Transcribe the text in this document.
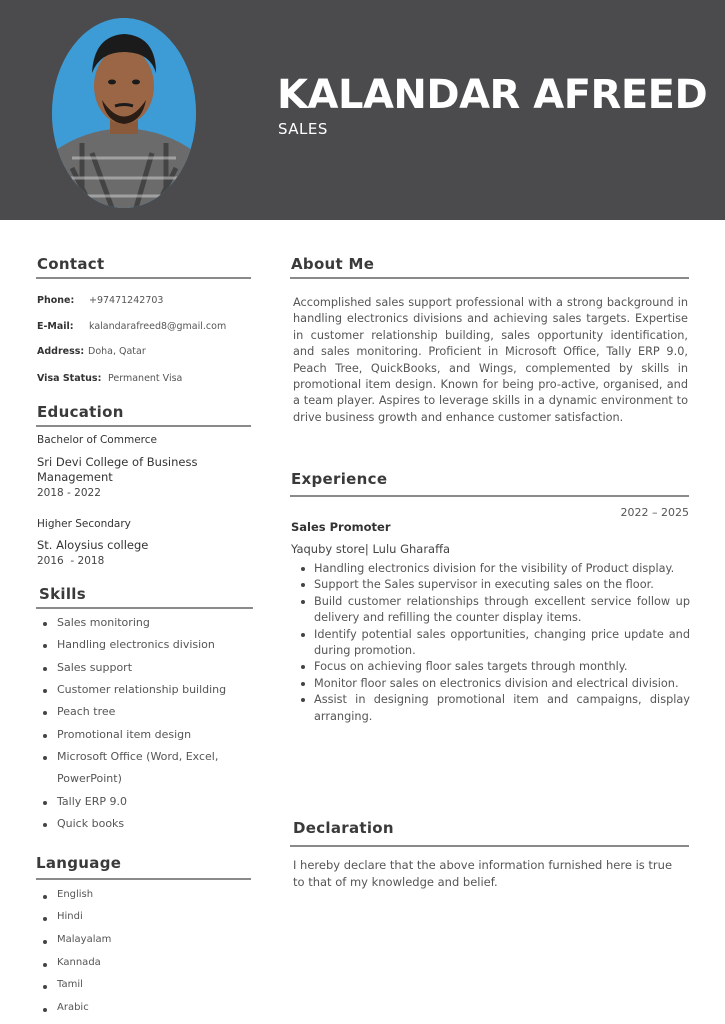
KALANDAR AFREED
SALES
Contact
Phone: +97471242703
E-Mail: kalandarafreed8@gmail.com
Address: Doha, Qatar
Visa Status: Permanent Visa
Education
Bachelor of Commerce
Sri Devi College of Business Management
2018 - 2022
Higher Secondary
St. Aloysius college
2016  - 2018
Skills
Sales monitoring
Handling electronics division
Sales support
Customer relationship building
Peach tree
Promotional item design
Microsoft Office (Word, Excel,
PowerPoint)
Tally ERP 9.0
Quick books
Language
English
Hindi
Malayalam
Kannada
Tamil
Arabic
About Me
Accomplished sales support professional with a strong background in handling electronics divisions and achieving sales targets. Expertise in customer relationship building, sales opportunity identification, and sales monitoring. Proficient in Microsoft Office, Tally ERP 9.0, Peach Tree, QuickBooks, and Wings, complemented by skills in promotional item design. Known for being pro-active, organised, and a team player. Aspires to leverage skills in a dynamic environment to drive business growth and enhance customer satisfaction.
Experience
2022 – 2025
Sales Promoter
Yaquby store| Lulu Gharaffa
Handling electronics division for the visibility of Product display.
Support the Sales supervisor in executing sales on the floor.
Build customer relationships through excellent service follow up delivery and refilling the counter display items.
Identify potential sales opportunities, changing price update and during promotion.
Focus on achieving floor sales targets through monthly.
Monitor floor sales on electronics division and electrical division.
Assist in designing promotional item and campaigns, display arranging.
Declaration
I hereby declare that the above information furnished here is true to that of my knowledge and belief.
